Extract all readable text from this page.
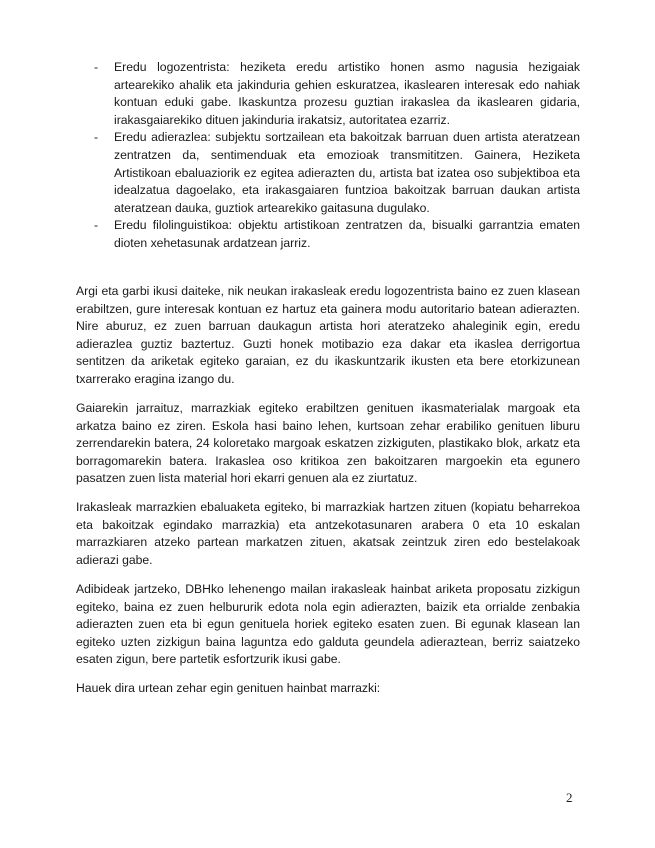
-	Eredu logozentrista: heziketa eredu artistiko honen asmo nagusia hezigaiak artearekiko ahalik eta jakinduria gehien eskuratzea, ikaslearen interesak edo nahiak kontuan eduki gabe. Ikaskuntza prozesu guztian irakaslea da ikaslearen gidaria, irakasgaiarekiko dituen jakinduria irakatsiz, autoritatea ezarriz.
-	Eredu adierazlea: subjektu sortzailean eta bakoitzak barruan duen artista ateratzean zentratzen da, sentimenduak eta emozioak transmititzen. Gainera, Heziketa Artistikoan ebaluaziorik ez egitea adierazten du, artista bat izatea oso subjektiboa eta idealzatua dagoelako, eta irakasgaiaren funtzioa bakoitzak barruan daukan artista ateratzean dauka, guztiok artearekiko gaitasuna dugulako.
-	Eredu filolinguistikoa: objektu artistikoan zentratzen da, bisualki garrantzia ematen dioten xehetasunak ardatzean jarriz.

Argi eta garbi ikusi daiteke, nik neukan irakasleak eredu logozentrista baino ez zuen klasean erabiltzen, gure interesak kontuan ez hartuz eta gainera modu autoritario batean adierazten. Nire aburuz, ez zuen barruan daukagun artista hori ateratzeko ahaleginik egin, eredu adierazlea guztiz baztertuz. Guzti honek motibazio eza dakar eta ikaslea derrigortua sentitzen da ariketak egiteko garaian, ez du ikaskuntzarik ikusten eta bere etorkizunean txarrerako eragina izango du.

Gaiarekin jarraituz, marrazkiak egiteko erabiltzen genituen ikasmaterialak margoak eta arkatza baino ez ziren. Eskola hasi baino lehen, kurtsoan zehar erabiliko genituen liburu zerrendarekin batera, 24 koloretako margoak eskatzen zizkiguten, plastikako blok, arkatz eta borragomarekin batera. Irakaslea oso kritikoa zen bakoitzaren margoekin eta egunero pasatzen zuen lista material hori ekarri genuen ala ez ziurtatuz.

Irakasleak marrazkien ebaluaketa egiteko, bi marrazkiak hartzen zituen (kopiatu beharrekoa eta bakoitzak egindako marrazkia) eta antzekotasunaren arabera 0 eta 10 eskalan marrazkiaren atzeko partean markatzen zituen, akatsak zeintzuk ziren edo bestelakoak adierazi gabe.

Adibideak jartzeko, DBHko lehenengo mailan irakasleak hainbat ariketa proposatu zizkigun egiteko, baina ez zuen helbururik edota nola egin adierazten, baizik eta orrialde zenbakia adierazten zuen eta bi egun genituela horiek egiteko esaten zuen. Bi egunak klasean lan egiteko uzten zizkigun baina laguntza edo galduta geundela adieraztean, berriz saiatzeko esaten zigun, bere partetik esfortzurik ikusi gabe.

Hauek dira urtean zehar egin genituen hainbat marrazki:

2
